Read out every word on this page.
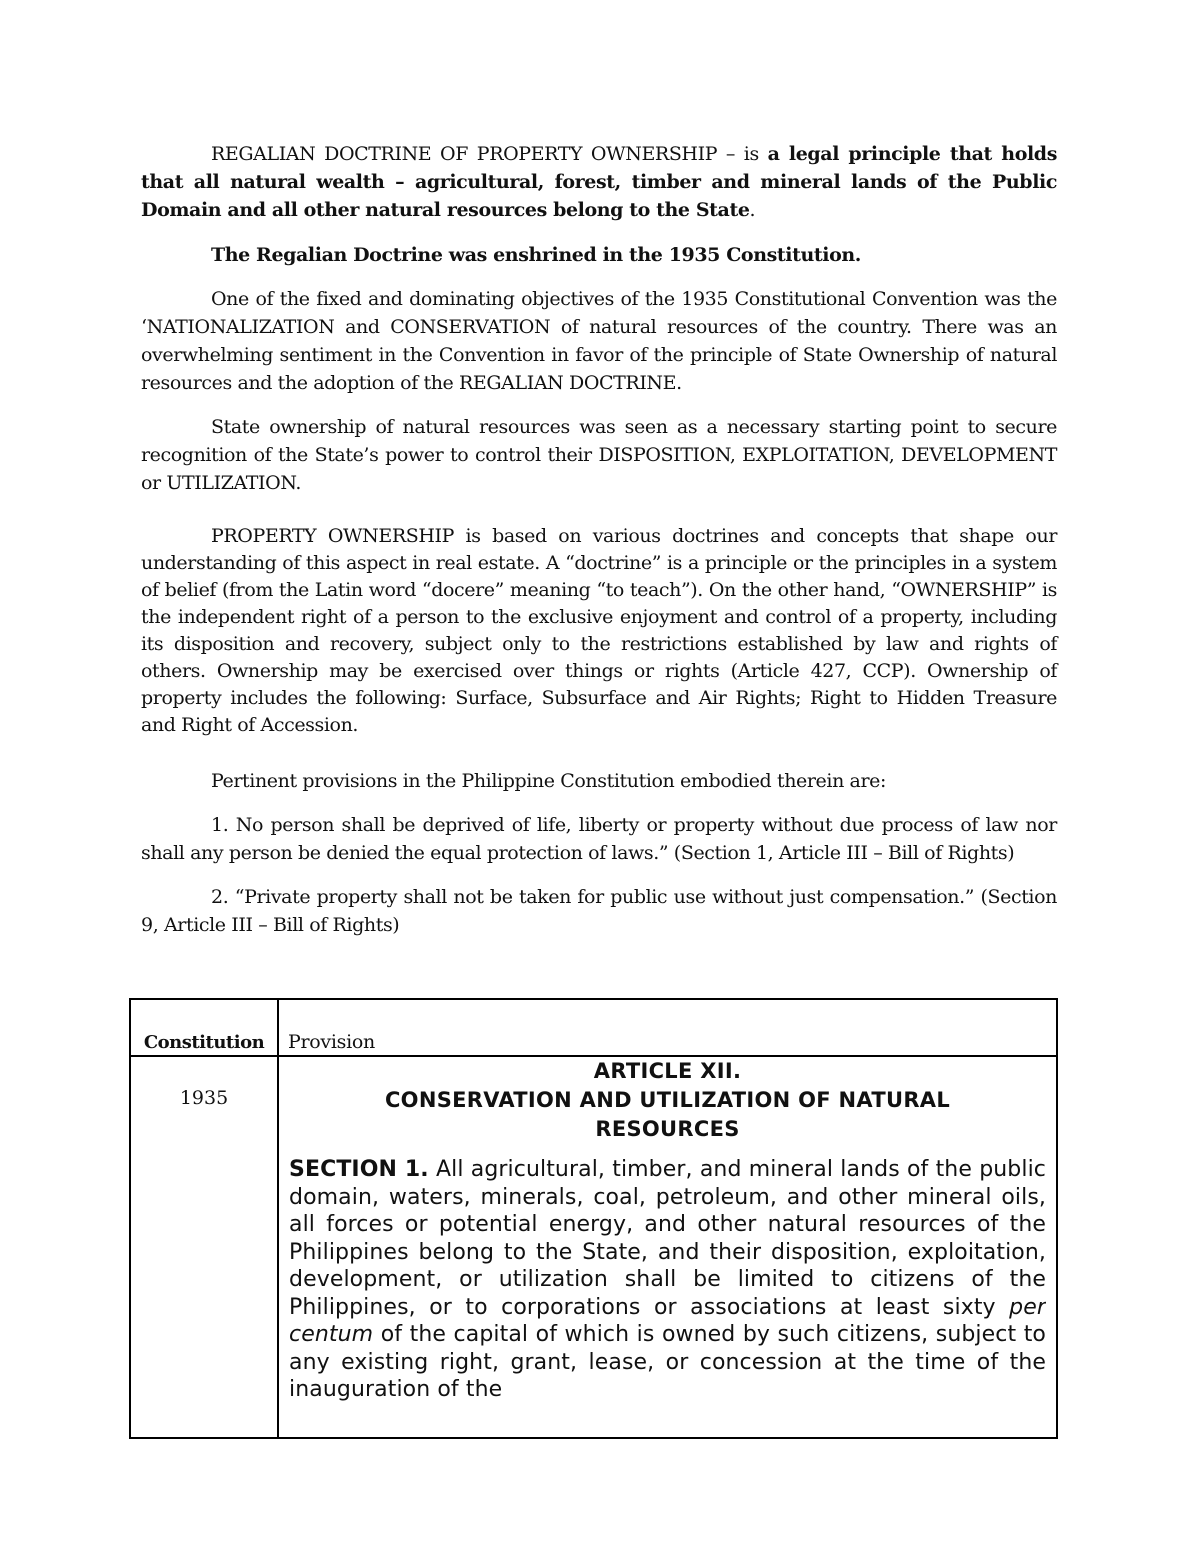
REGALIAN DOCTRINE OF PROPERTY OWNERSHIP – is a legal principle that holds that all natural wealth – agricultural, forest, timber and mineral lands of the Public Domain and all other natural resources belong to the State.

The Regalian Doctrine was enshrined in the 1935 Constitution.

One of the fixed and dominating objectives of the 1935 Constitutional Convention was the ‘NATIONALIZATION and CONSERVATION of natural resources of the country. There was an overwhelming sentiment in the Convention in favor of the principle of State Ownership of natural resources and the adoption of the REGALIAN DOCTRINE.

State ownership of natural resources was seen as a necessary starting point to secure recognition of the State’s power to control their DISPOSITION, EXPLOITATION, DEVELOPMENT or UTILIZATION.

PROPERTY OWNERSHIP is based on various doctrines and concepts that shape our understanding of this aspect in real estate. A “doctrine” is a principle or the principles in a system of belief (from the Latin word “docere” meaning “to teach”). On the other hand, “OWNERSHIP” is the independent right of a person to the exclusive enjoyment and control of a property, including its disposition and recovery, subject only to the restrictions established by law and rights of others. Ownership may be exercised over things or rights (Article 427, CCP). Ownership of property includes the following: Surface, Subsurface and Air Rights; Right to Hidden Treasure and Right of Accession.

Pertinent provisions in the Philippine Constitution embodied therein are:

1. No person shall be deprived of life, liberty or property without due process of law nor shall any person be denied the equal protection of laws.” (Section 1, Article III – Bill of Rights)

2. “Private property shall not be taken for public use without just compensation.” (Section 9, Article III – Bill of Rights)

Constitution	Provision

1935	ARTICLE XII.
CONSERVATION AND UTILIZATION OF NATURAL
RESOURCES
SECTION 1. All agricultural, timber, and mineral lands of the public domain, waters, minerals, coal, petroleum, and other mineral oils, all forces or potential energy, and other natural resources of the Philippines belong to the State, and their disposition, exploitation, development, or utilization shall be limited to citizens of the Philippines, or to corporations or associations at least sixty per centum of the capital of which is owned by such citizens, subject to any existing right, grant, lease, or concession at the time of the inauguration of the
